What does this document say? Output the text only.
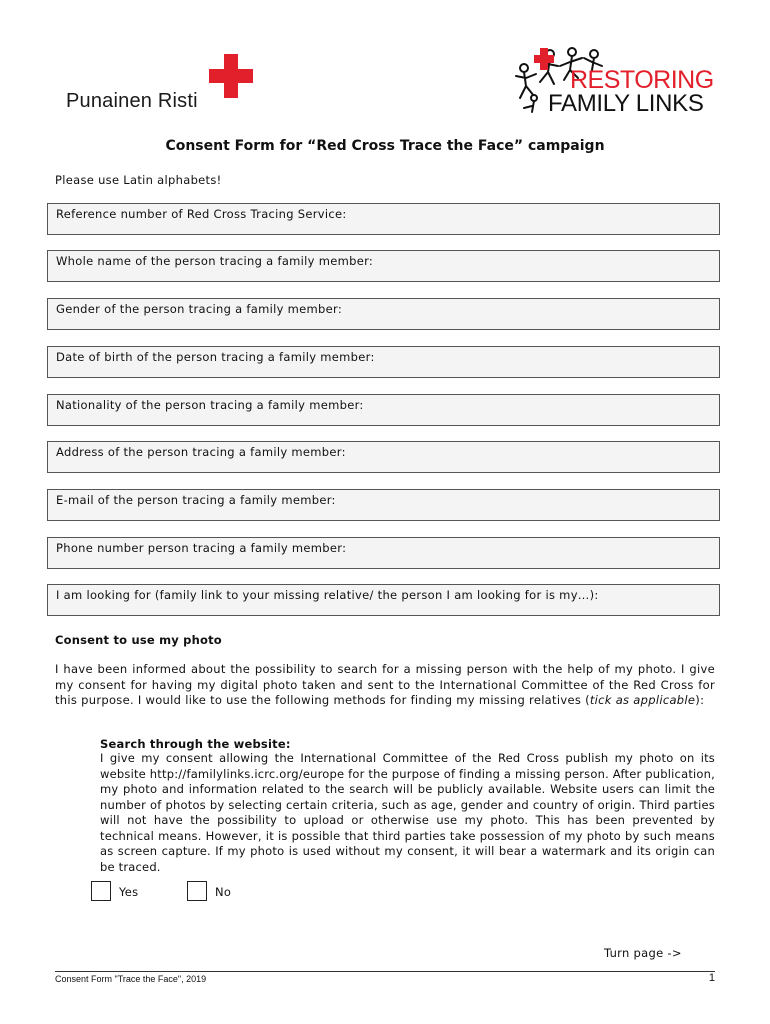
Punainen Risti
RESTORING
FAMILY LINKS
Consent Form for “Red Cross Trace the Face” campaign
Please use Latin alphabets!
Reference number of Red Cross Tracing Service:
Whole name of the person tracing a family member:
Gender of the person tracing a family member:
Date of birth of the person tracing a family member:
Nationality of the person tracing a family member:
Address of the person tracing a family member:
E-mail of the person tracing a family member:
Phone number person tracing a family member:
I am looking for (family link to your missing relative/ the person I am looking for is my…):
Consent to use my photo
I have been informed about the possibility to search for a missing person with the help of my photo. I give my consent for having my digital photo taken and sent to the International Committee of the Red Cross for this purpose. I would like to use the following methods for finding my missing relatives (tick as applicable):
Search through the website:
I give my consent allowing the International Committee of the Red Cross publish my photo on its website http://familylinks.icrc.org/europe for the purpose of finding a missing person. After publication, my photo and information related to the search will be publicly available. Website users can limit the number of photos by selecting certain criteria, such as age, gender and country of origin. Third parties will not have the possibility to upload or otherwise use my photo. This has been prevented by technical means. However, it is possible that third parties take possession of my photo by such means as screen capture. If my photo is used without my consent, it will bear a watermark and its origin can be traced.
Yes	No
Turn page ->
Consent Form "Trace the Face", 2019	1
